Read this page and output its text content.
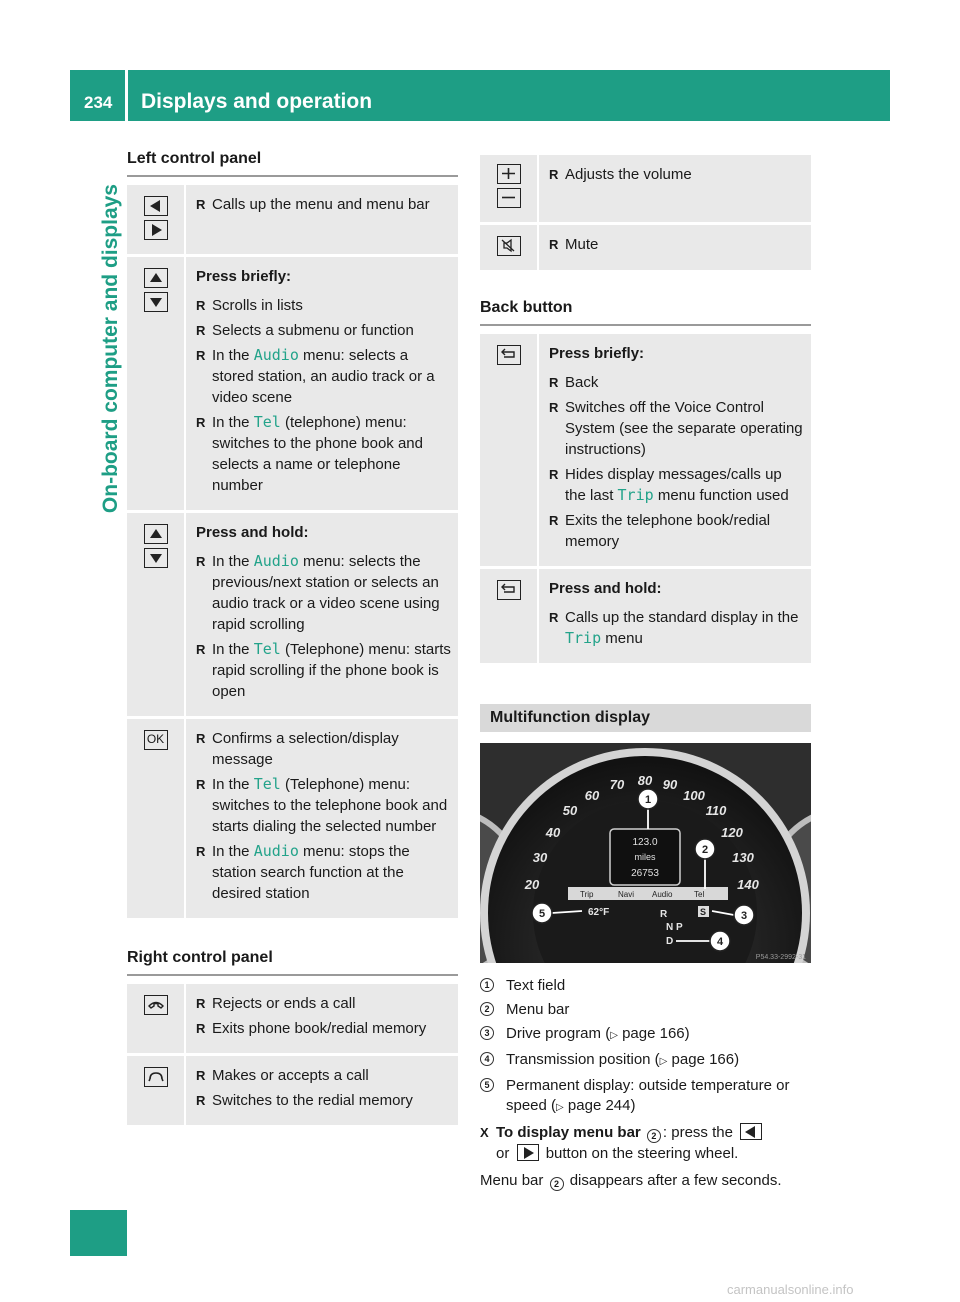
234 Displays and operation
On-board computer and displays
Left control panel

	R Calls up the menu and menu bar

	Press briefly:
R Scrolls in lists
R Selects a submenu or function
R In the Audio menu: selects a stored station, an audio track or a video scene
R In the Tel (telephone) menu: switches to the phone book and selects a name or telephone number

	Press and hold:
R In the Audio menu: selects the previous/next station or selects an audio track or a video scene using rapid scrolling
R In the Tel (Telephone) menu: starts rapid scrolling if the phone book is open

OK	R Confirms a selection/display message
R In the Tel (Telephone) menu: switches to the telephone book and starts dialing the selected number
R In the Audio menu: stops the station search function at the desired station
Right control panel

R Rejects or ends a call
R Exits phone book/redial memory

R Makes or accepts a call
R Switches to the redial memory

R Adjusts the volume

R Mute
Back button

Press briefly:
R Back
R Switches off the Voice Control System (see the separate operating instructions)
R Hides display messages/calls up the last Trip menu function used
R Exits the telephone book/redial memory

Press and hold:
R Calls up the standard display in the Trip menu
Multifunction display
20
30
40
50
60
70 80 90
100
110
120
130
140
123.0
miles
26753
Trip	Navi Audio	Tel
62°F	R
N P
D
S
1
2
3
4
5
P54.33-2992-31
1	Text field
2	Menu bar
3	Drive program (▷ page 166)
4	Transmission position (▷ page 166)
5	Permanent display: outside temperature or speed (▷ page 244)
X To display menu bar 2 : press the

or button on the steering wheel.
Menu bar 2 disappears after a few seconds.
carmanualsonline.info
